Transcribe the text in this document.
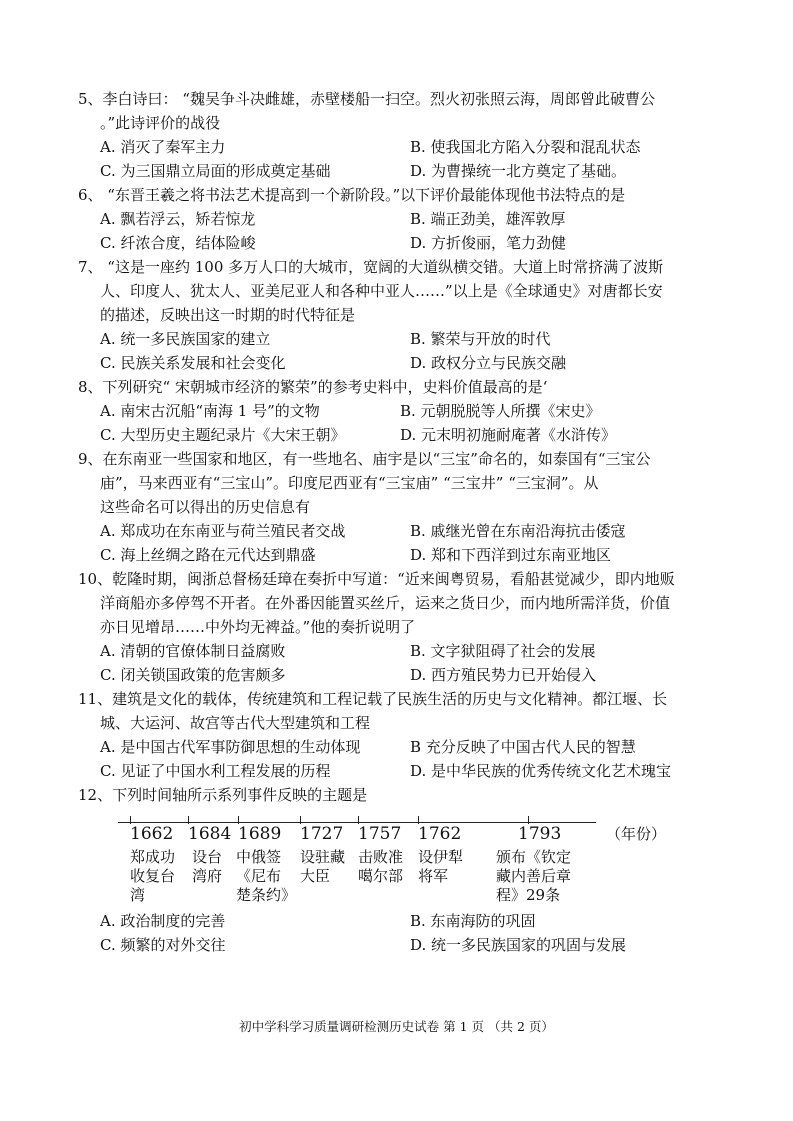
5、李白诗曰： “魏吴争斗决雌雄，赤壁楼船一扫空。烈火初张照云海，周郎曾此破曹公
。”此诗评价的战役
A. 消灭了秦军主力	B. 使我国北方陷入分裂和混乱状态
C. 为三国鼎立局面的形成奠定基础	D. 为曹操统一北方奠定了基础。
6、 “东晋王羲之将书法艺术提高到一个新阶段。”以下评价最能体现他书法特点的是
A. 飘若浮云，矫若惊龙	B. 端正劲美，雄浑敦厚
C. 纤浓合度，结体险峻	D. 方折俊丽，笔力劲健
7、 “这是一座约 100 多万人口的大城市，宽阔的大道纵横交错。大道上时常挤满了波斯
人、印度人、犹太人、亚美尼亚人和各种中亚人……”以上是《全球通史》对唐都长安
的描述，反映出这一时期的时代特征是
A. 统一多民族国家的建立	B. 繁荣与开放的时代
C. 民族关系发展和社会变化	D. 政权分立与民族交融
8、下列研究“ 宋朝城市经济的繁荣”的参考史料中，史料价值最高的是‘
A. 南宋古沉船“南海 1 号”的文物	B. 元朝脱脱等人所撰《宋史》
C. 大型历史主题纪录片《大宋王朝》	D. 元末明初施耐庵著《水浒传》
9、在东南亚一些国家和地区，有一些地名、庙宇是以“三宝”命名的，如泰国有“三宝公
庙”，马来西亚有“三宝山”。印度尼西亚有“三宝庙” “三宝井” “三宝洞”。从
这些命名可以得出的历史信息有
A. 郑成功在东南亚与荷兰殖民者交战	B. 戚继光曾在东南沿海抗击倭寇
C. 海上丝绸之路在元代达到鼎盛	D. 郑和下西洋到过东南亚地区
10、乾隆时期，闽浙总督杨廷璋在奏折中写道：“近来闽粤贸易，看船甚觉减少，即内地贩
洋商船亦多停驾不开者。在外番因能置买丝斤，运来之货日少，而内地所需洋货，价值
亦日见增昂……中外均无裨益。”他的奏折说明了
A. 清朝的官僚体制日益腐败	B. 文字狱阻碍了社会的发展
C. 闭关锁国政策的危害颇多	D. 西方殖民势力已开始侵入
11、建筑是文化的载体，传统建筑和工程记载了民族生活的历史与文化精神。都江堰、长
城、大运河、故宫等古代大型建筑和工程
A. 是中国古代军事防御思想的生动体现	B 充分反映了中国古代人民的智慧
C. 见证了中国水利工程发展的历程	D. 是中华民族的优秀传统文化艺术瑰宝
12、下列时间轴所示系列事件反映的主题是
1662 1684 1689 1727 1757 1762	1793	（年份）
郑成功
收复台
湾
设台
湾府
中俄签
《尼布
楚条约》
设驻藏
大臣
击败准
噶尔部
设伊犁
将军
颁布《钦定
藏内善后章
程》29条
A. 政治制度的完善	B. 东南海防的巩固
C. 频繁的对外交往	D. 统一多民族国家的巩固与发展
初中学科学习质量调研检测历史试卷 第 1 页 （共 2 页）
